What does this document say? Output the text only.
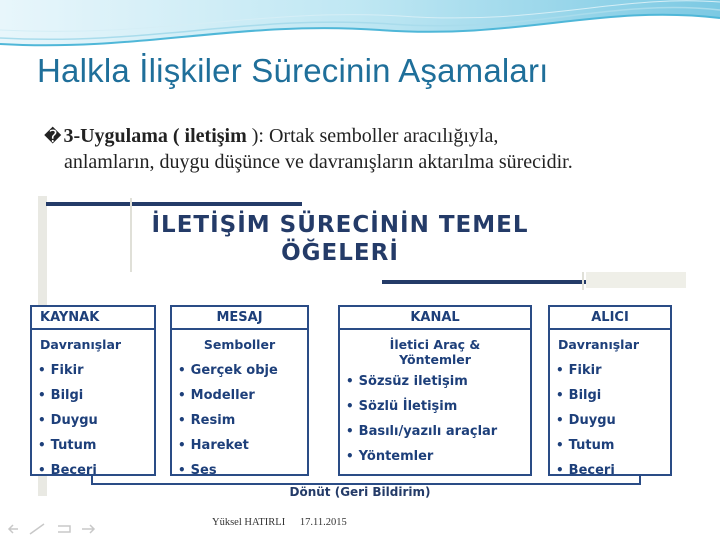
Halkla İlişkiler Sürecinin Aşamaları
� 3-Uygulama ( iletişim ): Ortak semboller aracılığıyla,
anlamların, duygu düşünce ve davranışların aktarılma sürecidir.
İLETİŞİM SÜRECİNİN TEMEL
ÖĞELERİ
KAYNAK
Davranışlar
• Fikir
• Bilgi
• Duygu
• Tutum
• Beceri
MESAJ
Semboller
• Gerçek obje
• Modeller
• Resim
• Hareket
• Ses
KANAL
İletici Araç & Yöntemler
• Sözsüz iletişim
• Sözlü İletişim
• Basılı/yazılı araçlar
• Yöntemler
ALICI
Davranışlar
• Fikir
• Bilgi
• Duygu
• Tutum
• Beceri
Dönüt (Geri Bildirim)
Yüksel HATIRLI 17.11.2015
